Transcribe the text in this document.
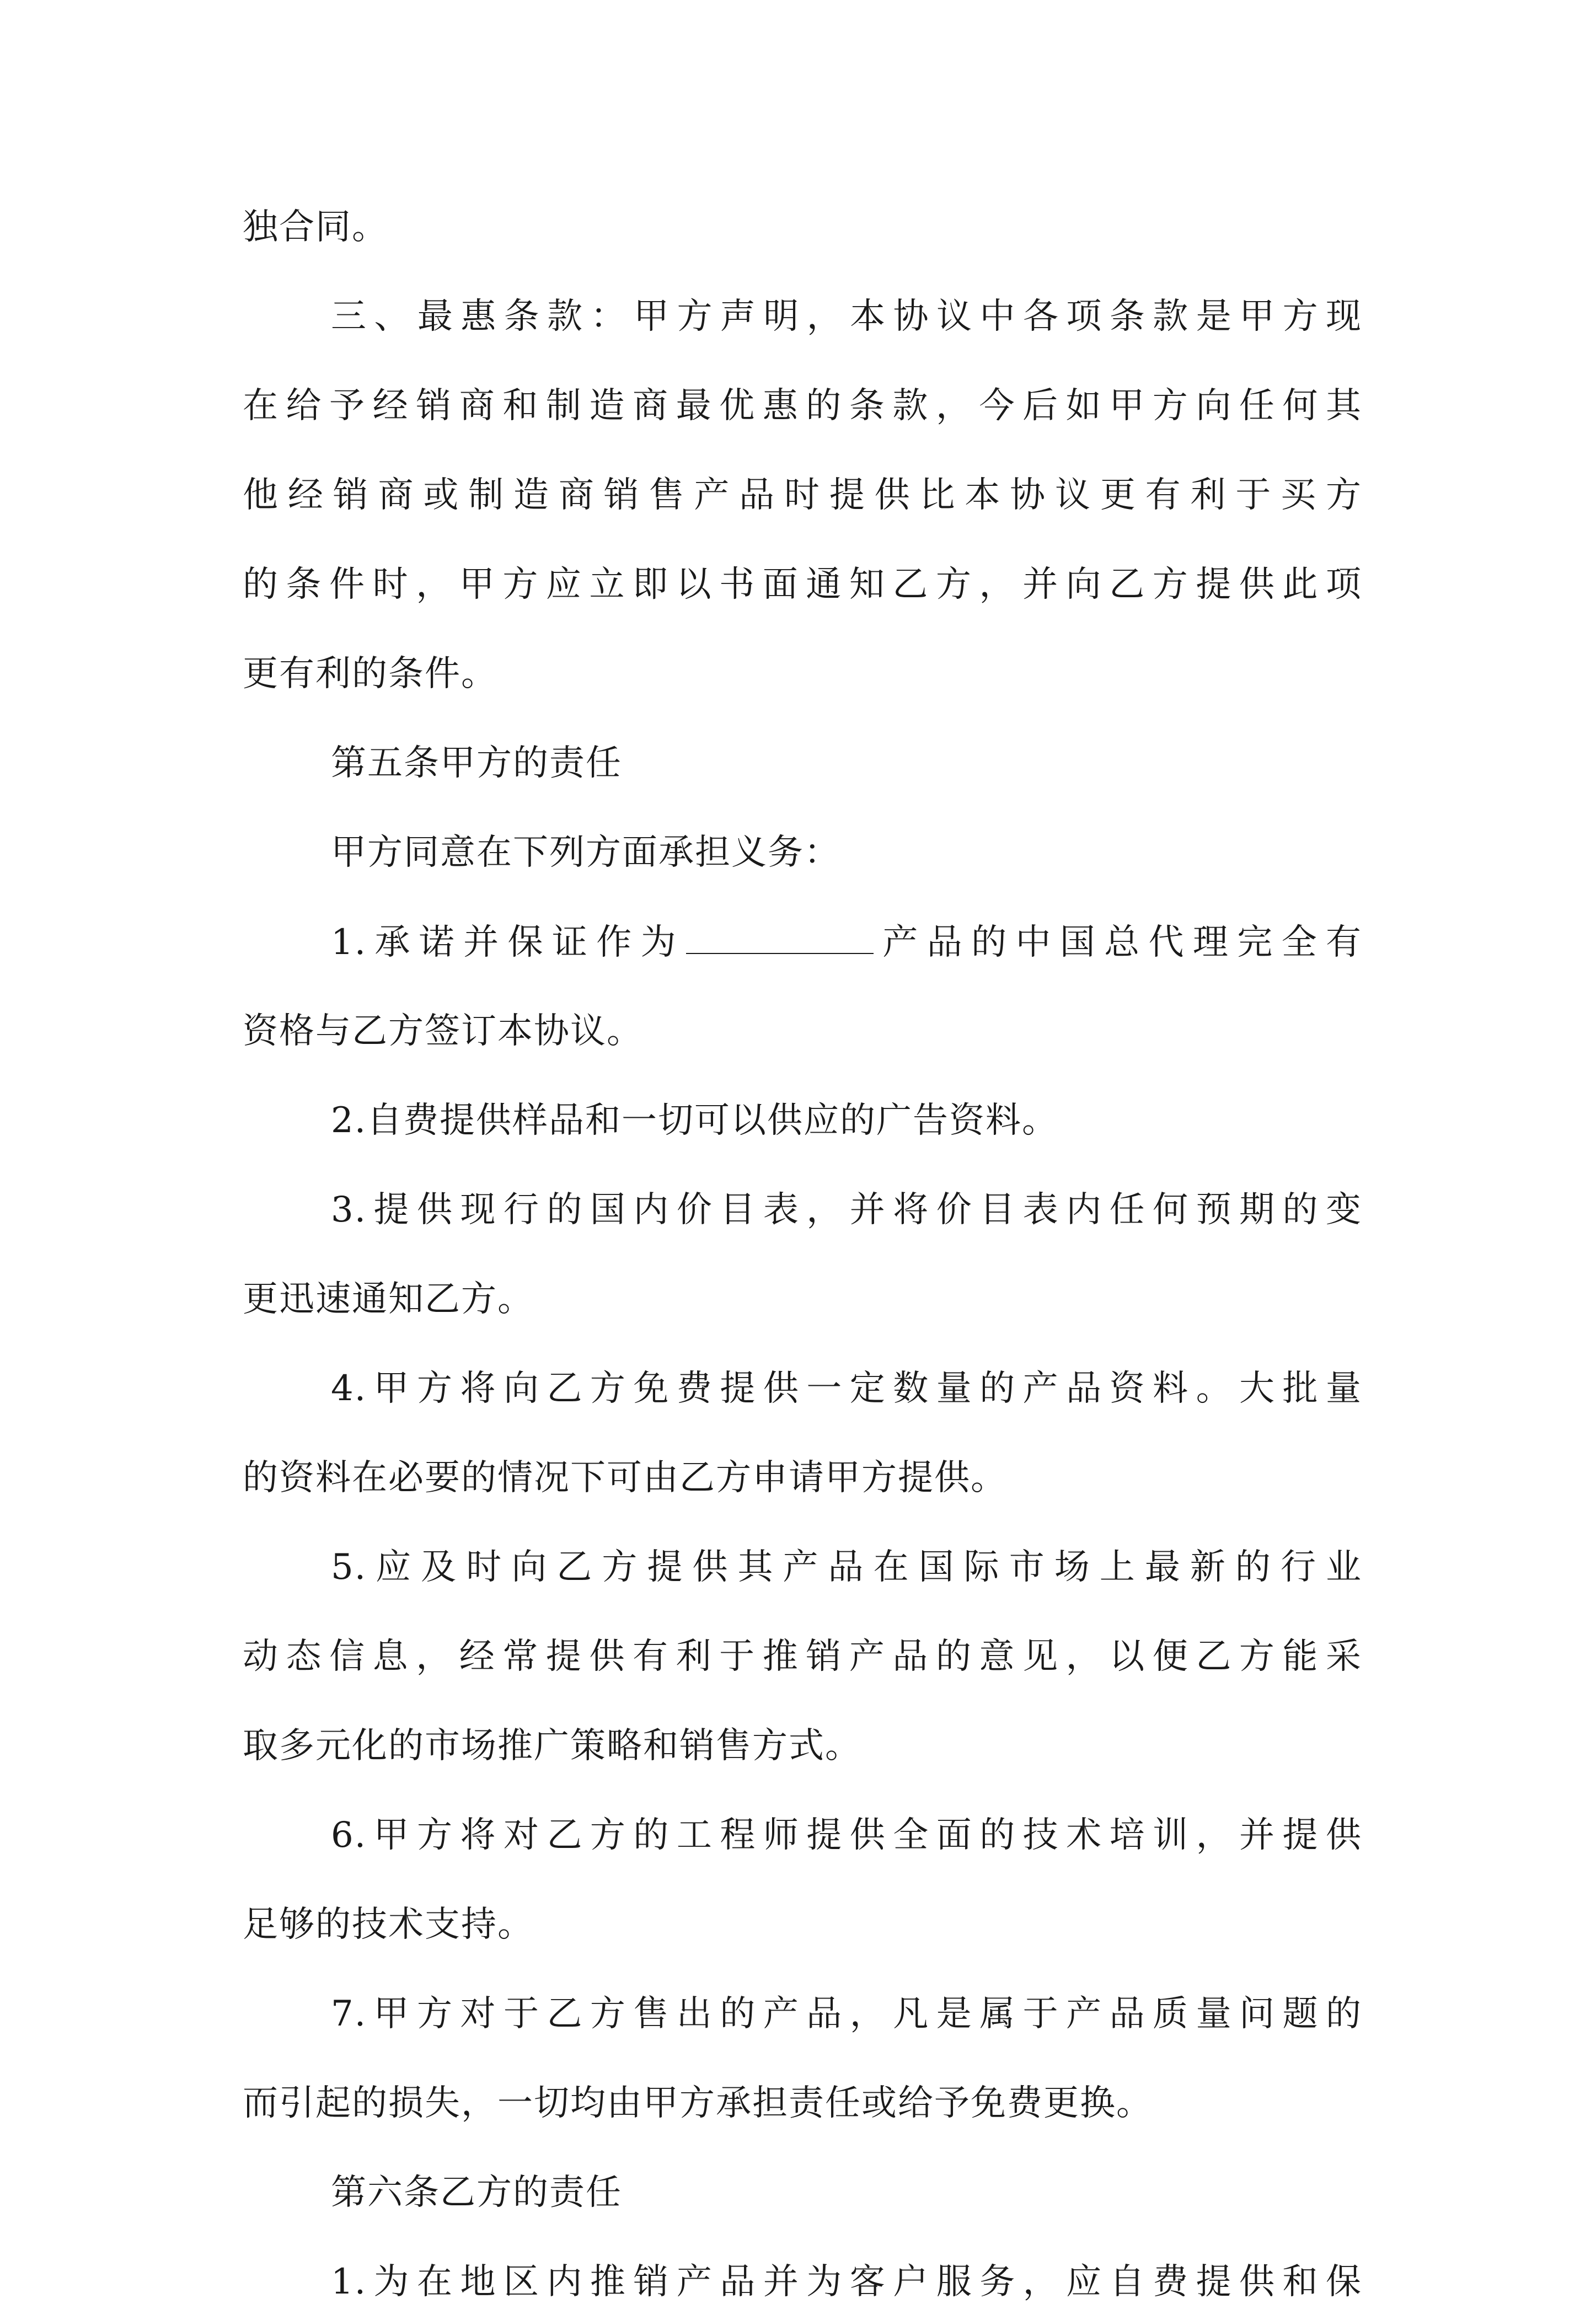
独合同。
三、最惠条款：甲方声明，本协议中各项条款是甲方现
在给予经销商和制造商最优惠的条款，今后如甲方向任何其
他经销商或制造商销售产品时提供比本协议更有利于买方
的条件时，甲方应立即以书面通知乙方，并向乙方提供此项
更有利的条件。
第五条甲方的责任
甲方同意在下列方面承担义务：
1.承诺并保证作为	产品的中国总代理完全有
资格与乙方签订本协议。
2.自费提供样品和一切可以供应的广告资料。
3.提供现行的国内价目表，并将价目表内任何预期的变
更迅速通知乙方。
4.甲方将向乙方免费提供一定数量的产品资料。大批量
的资料在必要的情况下可由乙方申请甲方提供。
5.应及时向乙方提供其产品在国际市场上最新的行业
动态信息，经常提供有利于推销产品的意见，以便乙方能采
取多元化的市场推广策略和销售方式。
6.甲方将对乙方的工程师提供全面的技术培训，并提供
足够的技术支持。
7.甲方对于乙方售出的产品，凡是属于产品质量问题的
而引起的损失，一切均由甲方承担责任或给予免费更换。
第六条乙方的责任
1.为在地区内推销产品并为客户服务，应自费提供和保
